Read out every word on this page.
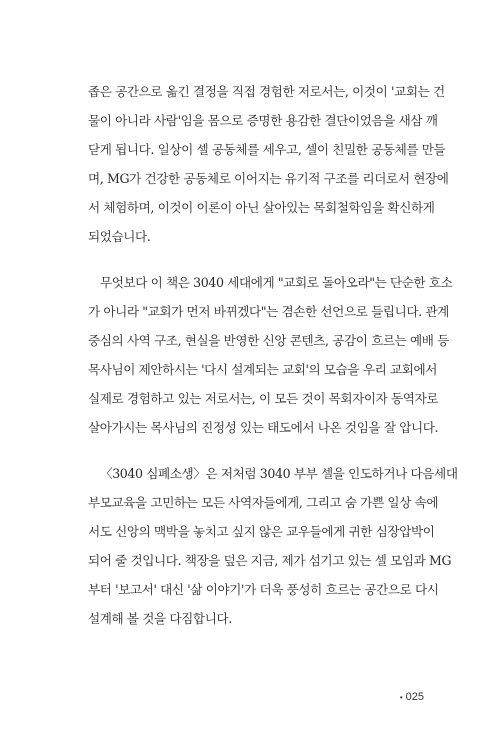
좁은 공간으로 옮긴 결정을 직접 경험한 저로서는, 이것이 '교회는 건
물이 아니라 사람'임을 몸으로 증명한 용감한 결단이었음을 새삼 깨
닫게 됩니다. 일상이 셀 공동체를 세우고, 셀이 친밀한 공동체를 만들
며, MG가 건강한 공동체로 이어지는 유기적 구조를 리더로서 현장에
서 체험하며, 이것이 이론이 아닌 살아있는 목회철학임을 확신하게
되었습니다.
무엇보다 이 책은 3040 세대에게 "교회로 돌아오라"는 단순한 호소
가 아니라 "교회가 먼저 바뀌겠다"는 겸손한 선언으로 들립니다. 관계
중심의 사역 구조, 현실을 반영한 신앙 콘텐츠, 공감이 흐르는 예배 등
목사님이 제안하시는 '다시 설계되는 교회'의 모습을 우리 교회에서
실제로 경험하고 있는 저로서는, 이 모든 것이 목회자이자 동역자로
살아가시는 목사님의 진정성 있는 태도에서 나온 것임을 잘 압니다.
〈3040 심폐소생〉은 저처럼 3040 부부 셀을 인도하거나 다음세대
부모교육을 고민하는 모든 사역자들에게, 그리고 숨 가쁜 일상 속에
서도 신앙의 맥박을 놓치고 싶지 않은 교우들에게 귀한 심장압박이
되어 줄 것입니다. 책장을 덮은 지금, 제가 섬기고 있는 셀 모임과 MG
부터 '보고서' 대신 '삶 이야기'가 더욱 풍성히 흐르는 공간으로 다시
설계해 볼 것을 다짐합니다.
• 025
